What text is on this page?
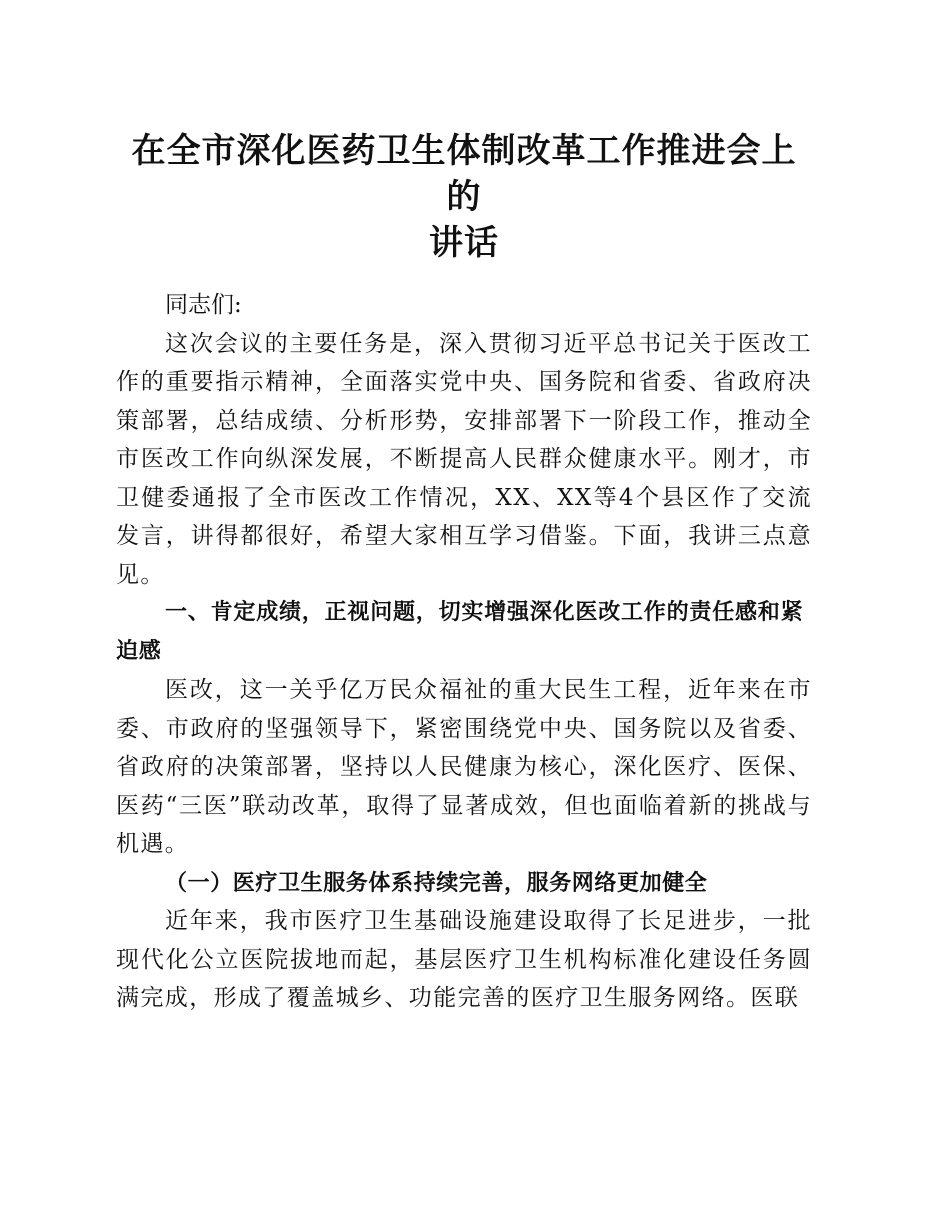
在全市深化医药卫生体制改革工作推进会上的
讲话

同志们:

这次会议的主要任务是，深入贯彻习近平总书记关于医改工作的重要指示精神，全面落实党中央、国务院和省委、省政府决策部署，总结成绩、分析形势，安排部署下一阶段工作，推动全市医改工作向纵深发展，不断提高人民群众健康水平。刚才，市卫健委通报了全市医改工作情况，XX、XX等4个县区作了交流发言，讲得都很好，希望大家相互学习借鉴。下面，我讲三点意见。

一、肯定成绩，正视问题，切实增强深化医改工作的责任感和紧迫感

医改，这一关乎亿万民众福祉的重大民生工程，近年来在市委、市政府的坚强领导下，紧密围绕党中央、国务院以及省委、省政府的决策部署，坚持以人民健康为核心，深化医疗、医保、医药“三医”联动改革，取得了显著成效，但也面临着新的挑战与机遇。

（一）医疗卫生服务体系持续完善，服务网络更加健全

近年来，我市医疗卫生基础设施建设取得了长足进步，一批现代化公立医院拔地而起，基层医疗卫生机构标准化建设任务圆满完成，形成了覆盖城乡、功能完善的医疗卫生服务网络。医联
